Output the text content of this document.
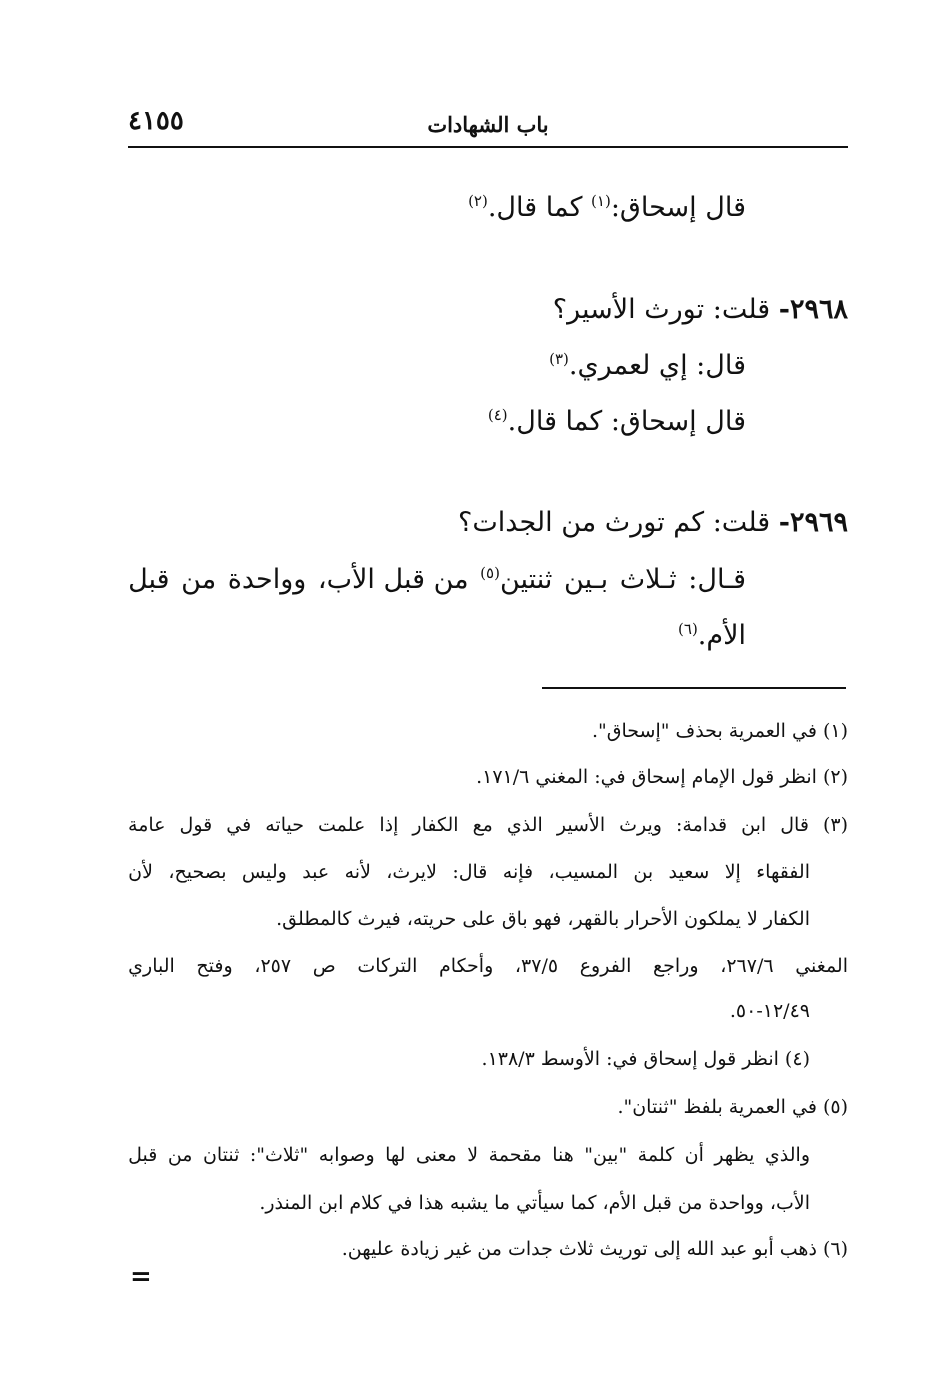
باب الشهادات
٤١٥٥
قال إسحاق:$^{(١)}$ كما قال.$^{(٢)}$
٢٩٦٨- قلت: تورث الأسير؟
قال: إي لعمري.$^{(٣)}$
قال إسحاق: كما قال.$^{(٤)}$
٢٩٦٩- قلت: كم تورث من الجدات؟
قـال:
ثـلاث
بـين
ثنتين$^{(٥)}$
من قبل الأب،
وواحدة
من
قبل
الأم.$^{(٦)}$
(١) في العمرية بحذف "إسحاق".
(٢) انظر قول الإمام إسحاق في: المغني ١٧١/٦.
(٣)
قال
ابن
قدامة:
ويرث
الأسير
الذي
مع
الكفار
إذا
علمت
حياته
في
قول
عامة
الفقهاء
إلا
سعيد
بن
المسيب،
فإنه
قال:
لايرث،
لأنه
عبد
وليس
بصحيح،
لأن
الكفار لا يملكون الأحرار بالقهر، فهو باق على حريته، فيرث كالمطلق.
المغني
٢٦٧/٦،
وراجع
الفروع
٣٧/٥،
وأحكام
التركات
ص
٢٥٧،
وفتح
الباري
١٢/٤٩-٥٠.
(٤) انظر قول إسحاق في: الأوسط ١٣٨/٣.
(٥) في العمرية بلفظ "ثنتان".
والذي
يظهر
أن
كلمة
"بين"
هنا
مقحمة
لا
معنى
لها
وصوابه
"ثلاث":
ثنتان
من
قبل
الأب، وواحدة من قبل الأم، كما سيأتي ما يشبه هذا في كلام ابن المنذر.
(٦) ذهب أبو عبد الله إلى توريث ثلاث جدات من غير زيادة عليهن.
=
